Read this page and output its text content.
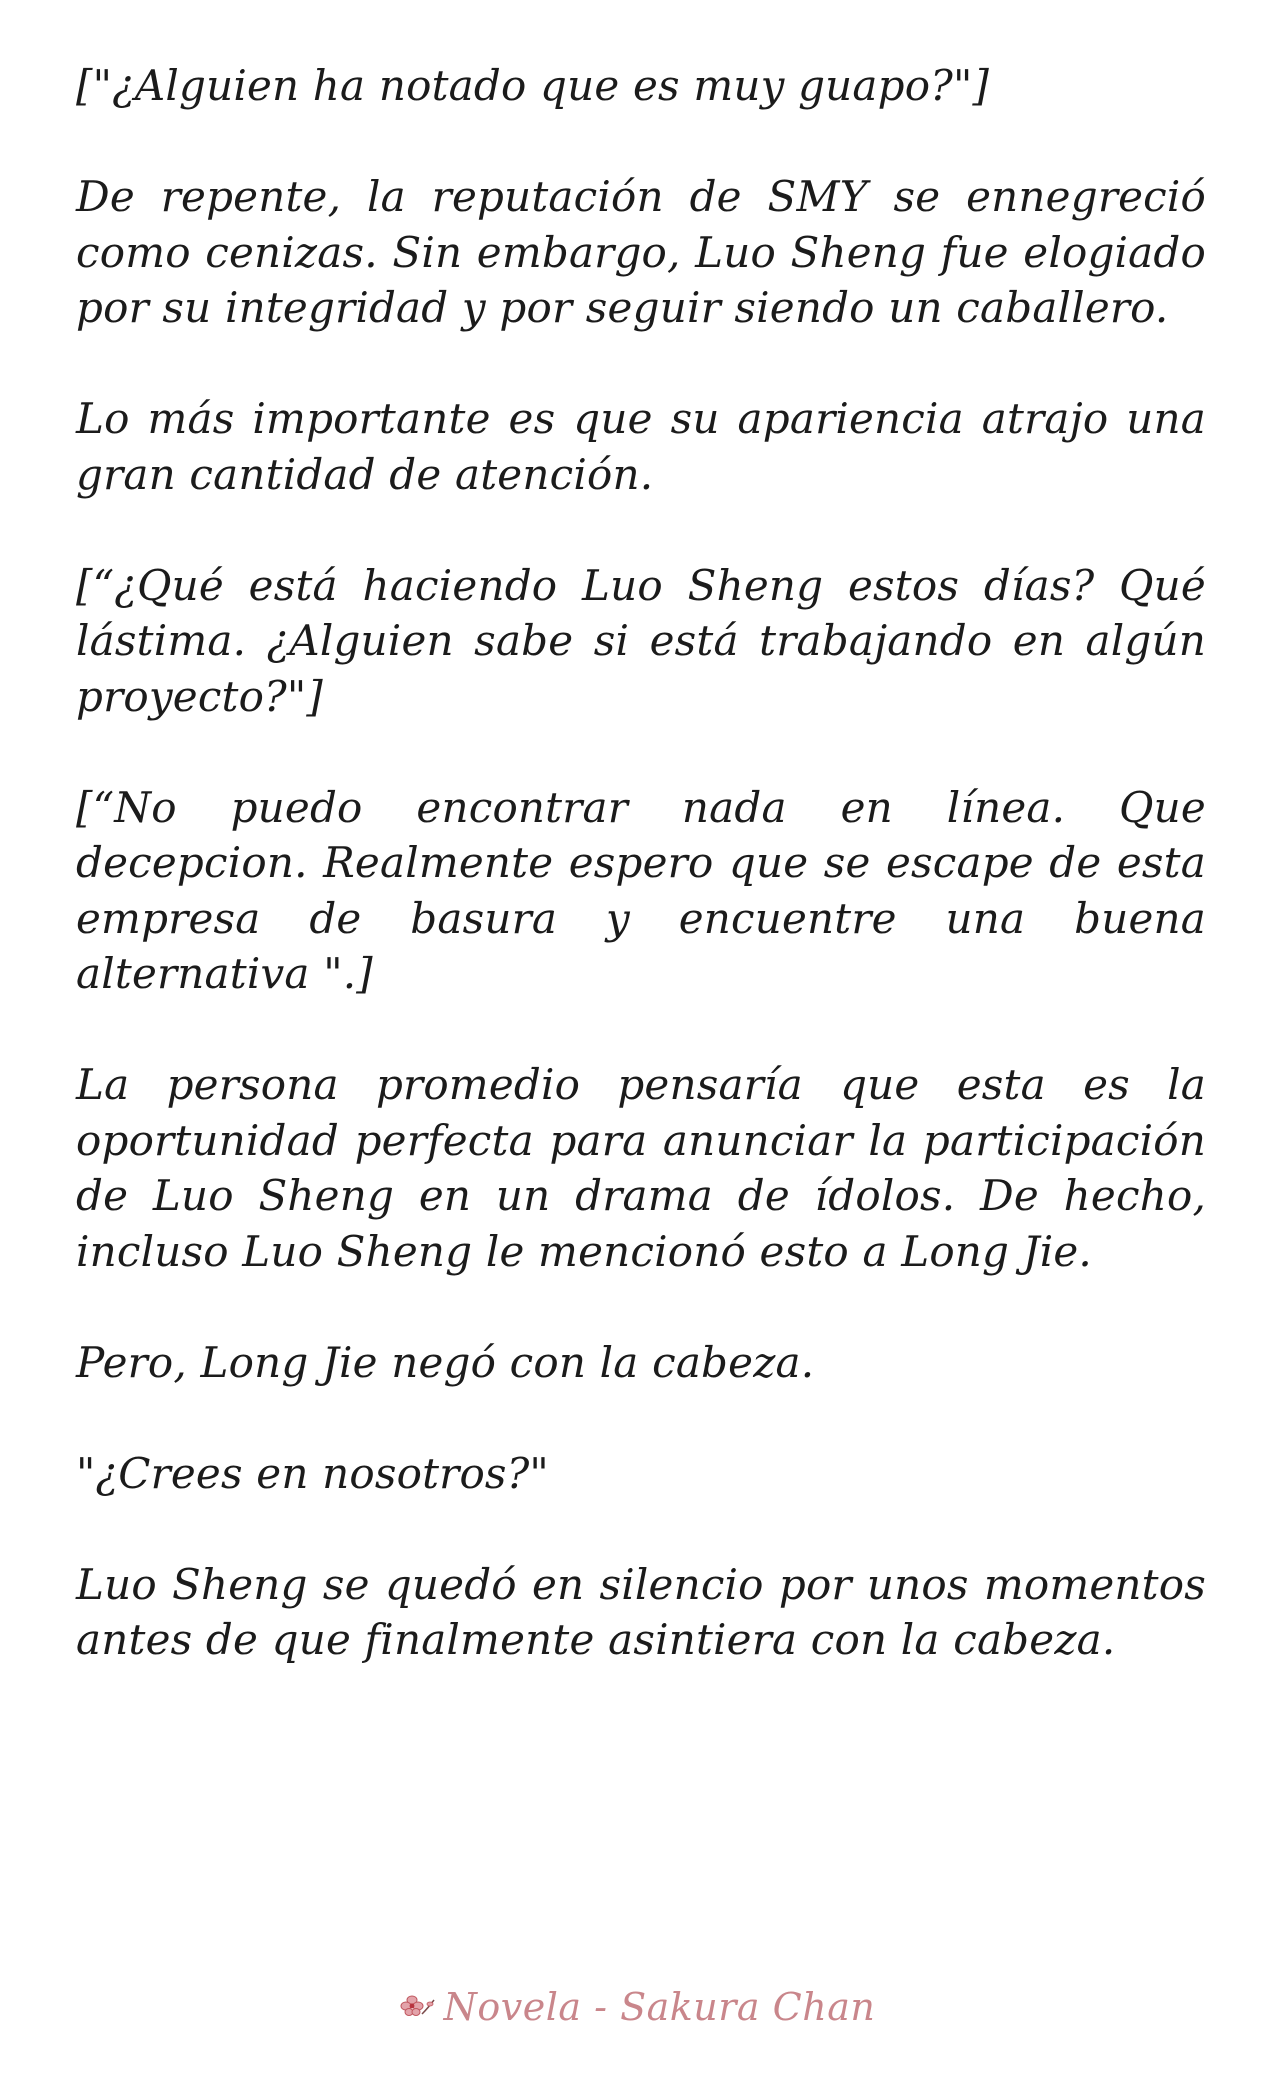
["¿Alguien ha notado que es muy guapo?"]

De repente, la reputación de SMY se ennegreció como cenizas. Sin embargo, Luo Sheng fue elogiado por su integridad y por seguir siendo un caballero.

Lo más importante es que su apariencia atrajo una gran cantidad de atención.

[“¿Qué está haciendo Luo Sheng estos días? Qué lástima. ¿Alguien sabe si está trabajando en algún proyecto?"]

[“No puedo encontrar nada en línea. Que decepcion. Realmente espero que se escape de esta empresa de basura y encuentre una buena alternativa ".]

La persona promedio pensaría que esta es la oportunidad perfecta para anunciar la participación de Luo Sheng en un drama de ídolos. De hecho, incluso Luo Sheng le mencionó esto a Long Jie.

Pero, Long Jie negó con la cabeza.

"¿Crees en nosotros?"

Luo Sheng se quedó en silencio por unos momentos antes de que finalmente asintiera con la cabeza.

Novela - Sakura Chan
